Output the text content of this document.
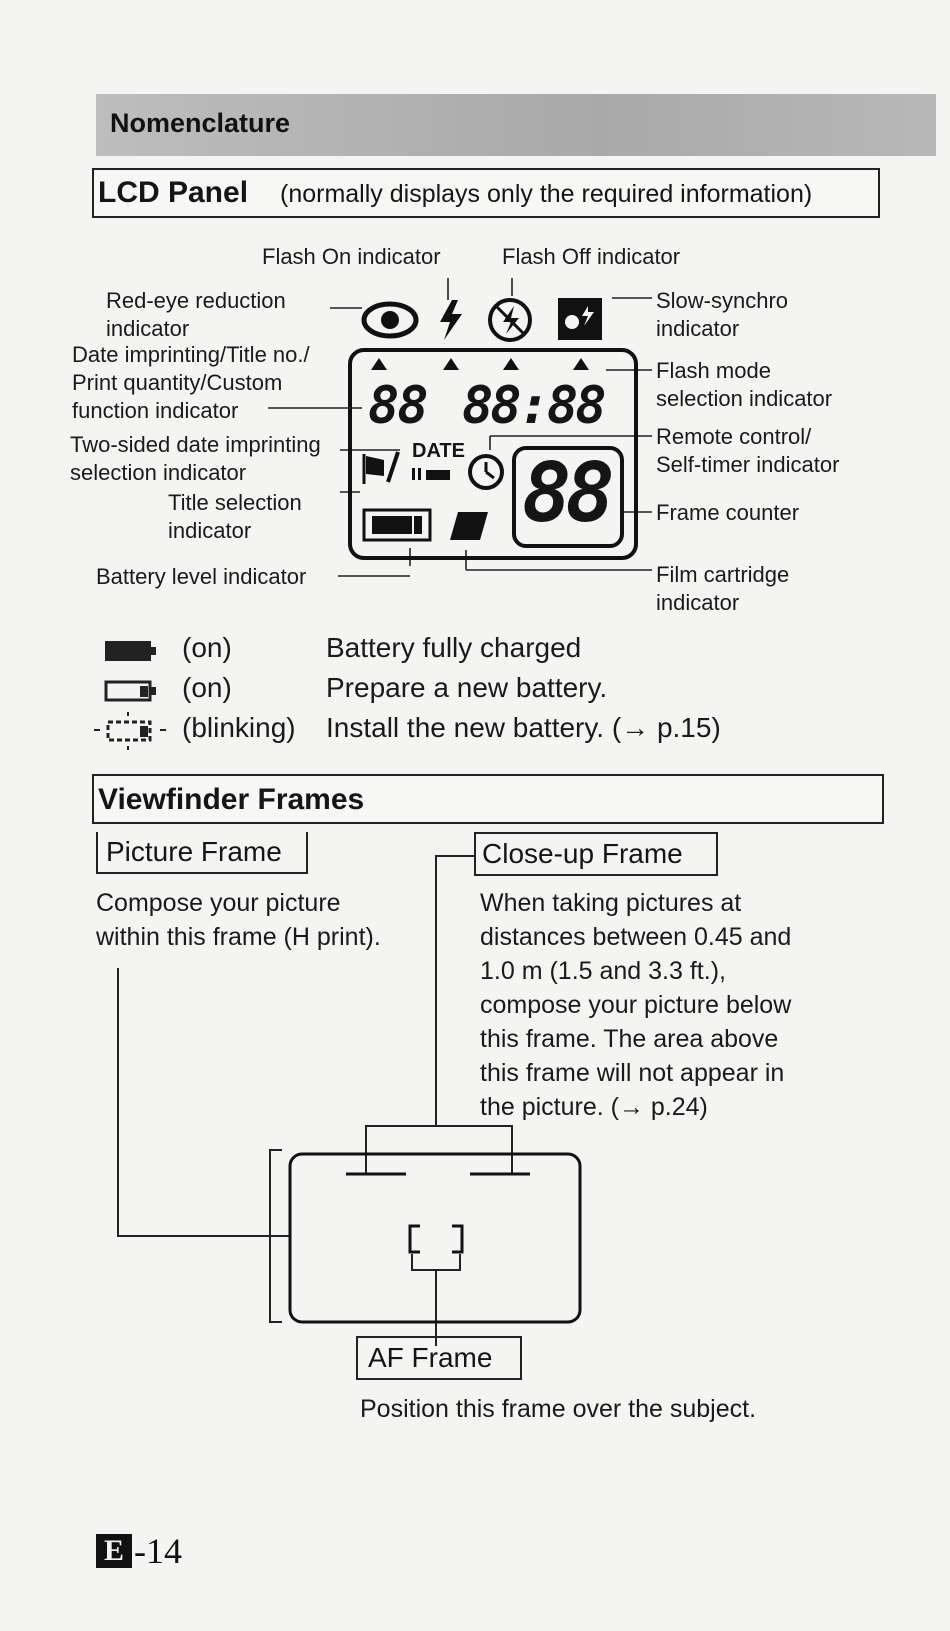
Nomenclature
LCD Panel (normally displays only the required information)
Flash On indicator	Flash Off indicator
Red-eye reduction
indicator
Slow-synchro
indicator
Date imprinting/Title no./
Print quantity/Custom
function indicator
Flash mode
selection indicator
Two-sided date imprinting
selection indicator
Remote control/
Self-timer indicator
Title selection
indicator
Frame counter
Battery level indicator	Film cartridge
indicator
88 88:88
DATE 88
(on)	Battery fully charged
(on)	Prepare a new battery.
(blinking) Install the new battery. (→ p.15)
Viewfinder Frames
Picture Frame
Compose your picture
within this frame (H print).
Close-up Frame
When taking pictures at
distances between 0.45 and
1.0 m (1.5 and 3.3 ft.),
compose your picture below
this frame. The area above
this frame will not appear in
the picture. (→ p.24)
AF Frame
Position this frame over the subject.
E -14
